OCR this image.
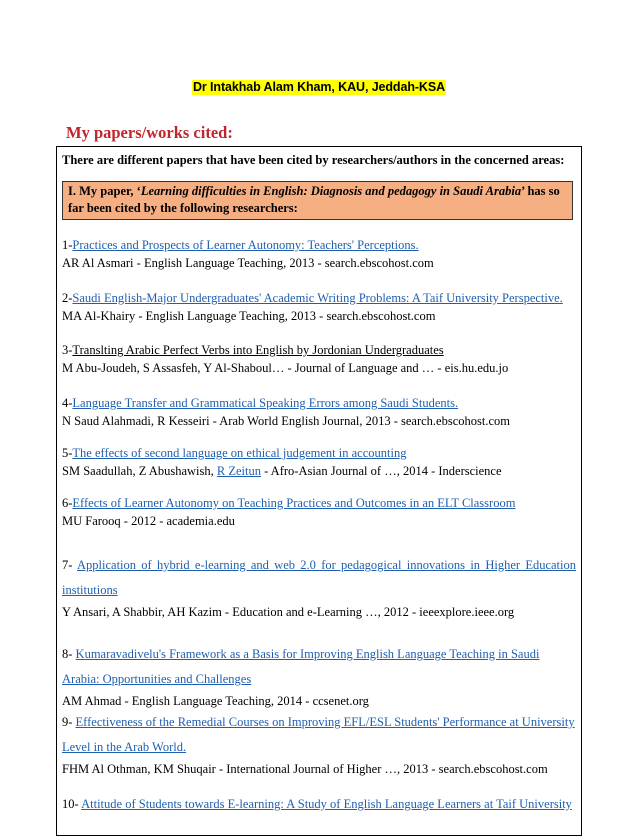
Dr Intakhab Alam Kham, KAU, Jeddah-KSA
My papers/works cited:
There are different papers that have been cited by researchers/authors in the concerned areas:
I. My paper, ‘Learning difficulties in English: Diagnosis and pedagogy in Saudi Arabia’ has so far been cited by the following researchers:
1-Practices and Prospects of Learner Autonomy: Teachers' Perceptions.
AR Al Asmari - English Language Teaching, 2013 - search.ebscohost.com
2-Saudi English-Major Undergraduates' Academic Writing Problems: A Taif University Perspective.
MA Al-Khairy - English Language Teaching, 2013 - search.ebscohost.com
3-Translting Arabic Perfect Verbs into English by Jordonian Undergraduates
M Abu-Joudeh, S Assasfeh, Y Al-Shaboul… - Journal of Language and … - eis.hu.edu.jo
4-Language Transfer and Grammatical Speaking Errors among Saudi Students.
N Saud Alahmadi, R Kesseiri - Arab World English Journal, 2013 - search.ebscohost.com
5-The effects of second language on ethical judgement in accounting
SM Saadullah, Z Abushawish, R Zeitun - Afro-Asian Journal of …, 2014 - Inderscience
6-Effects of Learner Autonomy on Teaching Practices and Outcomes in an ELT Classroom
MU Farooq - 2012 - academia.edu
7- Application of hybrid e-learning and web 2.0 for pedagogical innovations in Higher Education institutions
Y Ansari, A Shabbir, AH Kazim - Education and e-Learning …, 2012 - ieeexplore.ieee.org
8- Kumaravadivelu's Framework as a Basis for Improving English Language Teaching in Saudi Arabia: Opportunities and Challenges
AM Ahmad - English Language Teaching, 2014 - ccsenet.org
9- Effectiveness of the Remedial Courses on Improving EFL/ESL Students' Performance at University Level in the Arab World.
FHM Al Othman, KM Shuqair - International Journal of Higher …, 2013 - search.ebscohost.com
10- Attitude of Students towards E-learning: A Study of English Language Learners at Taif University
